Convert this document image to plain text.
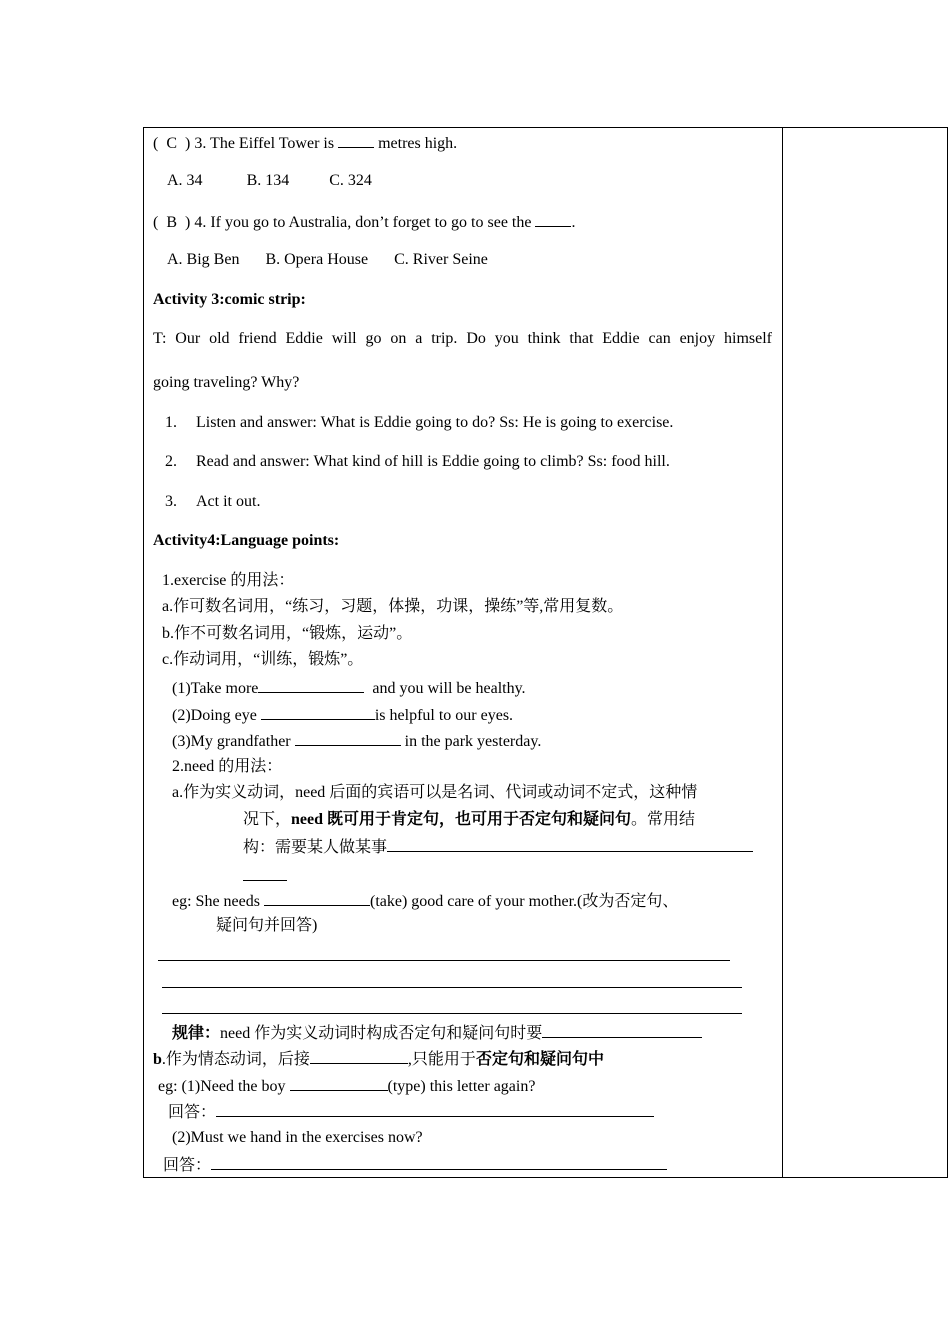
(  C  ) 3. The Eiffel Tower is	metres high.
A. 34	B. 134	C. 324
(  B  ) 4. If you go to Australia, don’t forget to go to see the	.
A. Big Ben B. Opera House C. River Seine
Activity 3:comic strip:
T: Our old friend Eddie will go on a trip. Do you think that Eddie can enjoy himself
going traveling? Why?
1. Listen and answer: What is Eddie going to do? Ss: He is going to exercise.
2. Read and answer: What kind of hill is Eddie going to climb? Ss: food hill.
3. Act it out.
Activity4:Language points:
1.exercise 的用法：
a.作可数名词用，“练习，习题，体操，功课，操练”等,常用复数。
b.作不可数名词用，“锻炼，运动”。
c.作动词用，“训练，锻炼”。
(1)Take more	and you will be healthy.
(2)Doing eye	is helpful to our eyes.
(3)My grandfather	in the park yesterday.
2.need 的用法：
a.作为实义动词，need 后面的宾语可以是名词、代词或动词不定式，这种情
况下，need 既可用于肯定句，也可用于否定句和疑问句。常用结
构：需要某人做某事
eg: She needs	(take) good care of your mother.(改为否定句、
疑问句并回答)
规律：need 作为实义动词时构成否定句和疑问句时要
b.作为情态动词，后接	,只能用于否定句和疑问句中
eg: (1)Need the boy	(type) this letter again?
回答：
(2)Must we hand in the exercises now?
回答：
